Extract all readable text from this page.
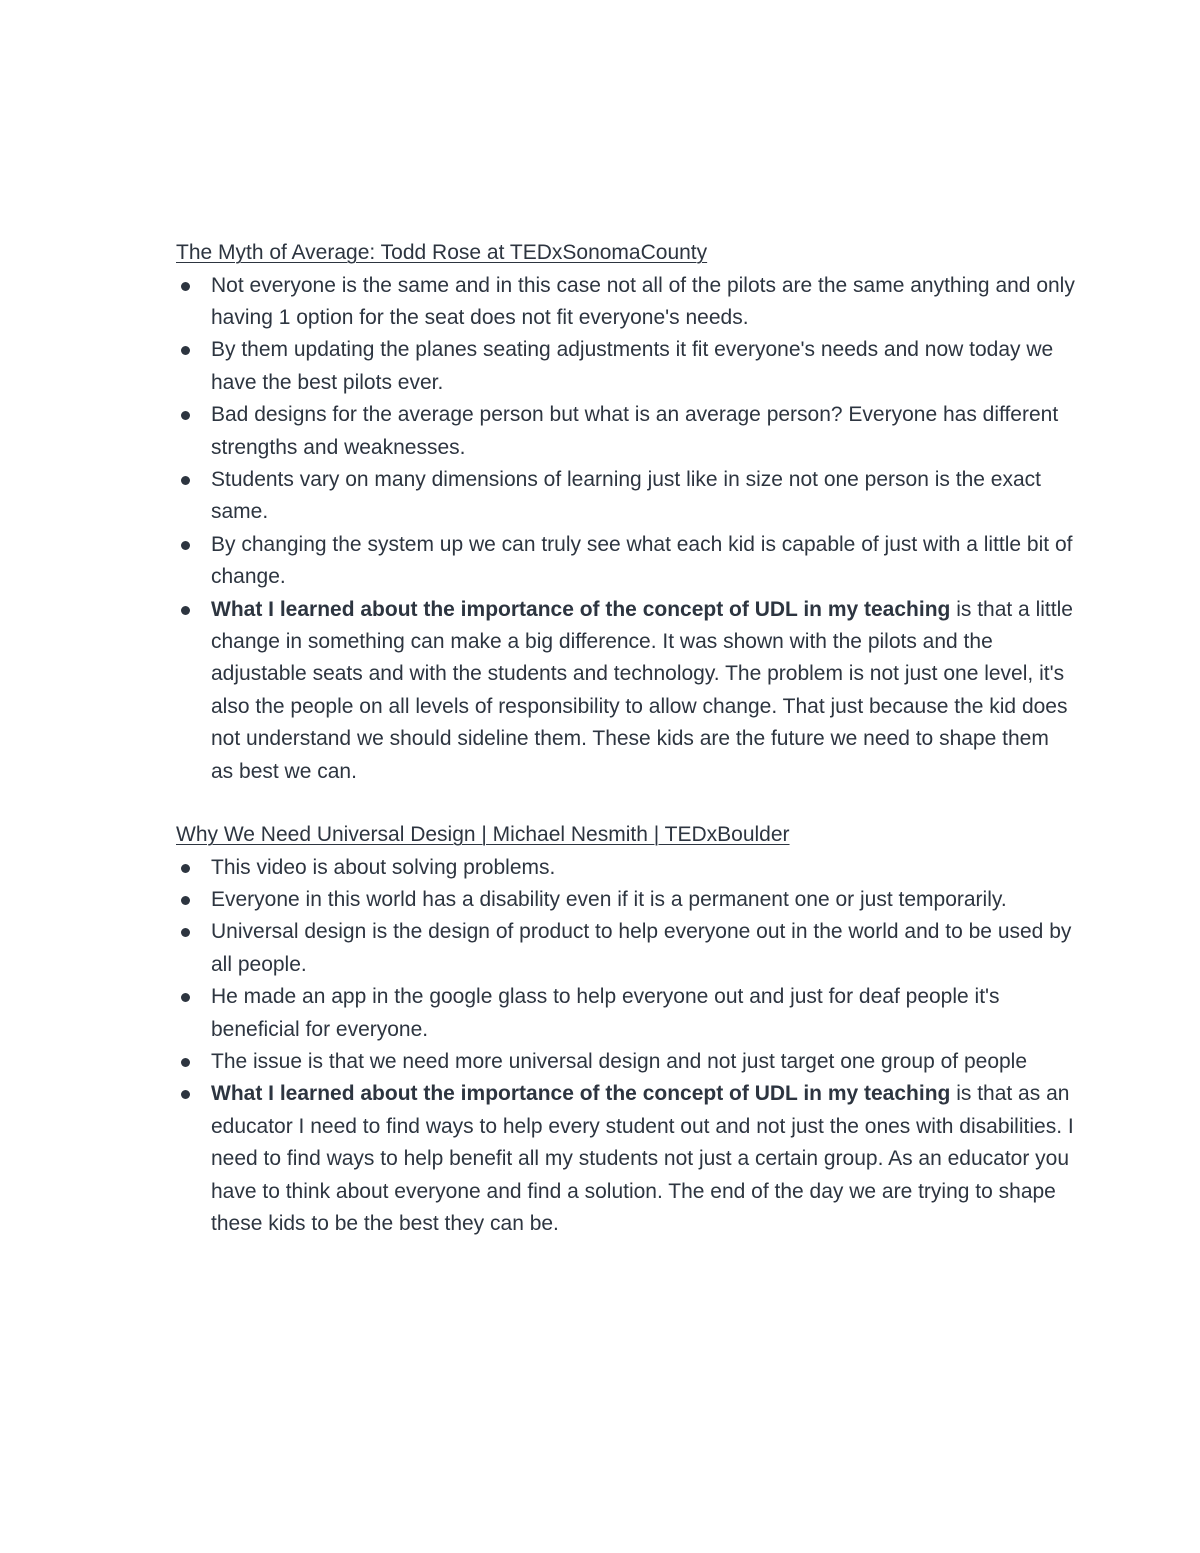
The Myth of Average: Todd Rose at TEDxSonomaCounty
Not everyone is the same and in this case not all of the pilots are the same anything and only having 1 option for the seat does not fit everyone's needs.
By them updating the planes seating adjustments it fit everyone's needs and now today we have the best pilots ever.
Bad designs for the average person but what is an average person? Everyone has different strengths and weaknesses.
Students vary on many dimensions of learning just like in size not one person is the exact same.
By changing the system up we can truly see what each kid is capable of just with a little bit of change.
What I learned about the importance of the concept of UDL in my teaching is that a little change in something can make a big difference. It was shown with the pilots and the adjustable seats and with the students and technology. The problem is not just one level, it's also the people on all levels of responsibility to allow change. That just because the kid does not understand we should sideline them. These kids are the future we need to shape them as best we can.
Why We Need Universal Design | Michael Nesmith | TEDxBoulder
This video is about solving problems.
Everyone in this world has a disability even if it is a permanent one or just temporarily.
Universal design is the design of product to help everyone out in the world and to be used by all people.
He made an app in the google glass to help everyone out and just for deaf people it's beneficial for everyone.
The issue is that we need more universal design and not just target one group of people
What I learned about the importance of the concept of UDL in my teaching is that as an educator I need to find ways to help every student out and not just the ones with disabilities. I need to find ways to help benefit all my students not just a certain group. As an educator you have to think about everyone and find a solution. The end of the day we are trying to shape these kids to be the best they can be.
